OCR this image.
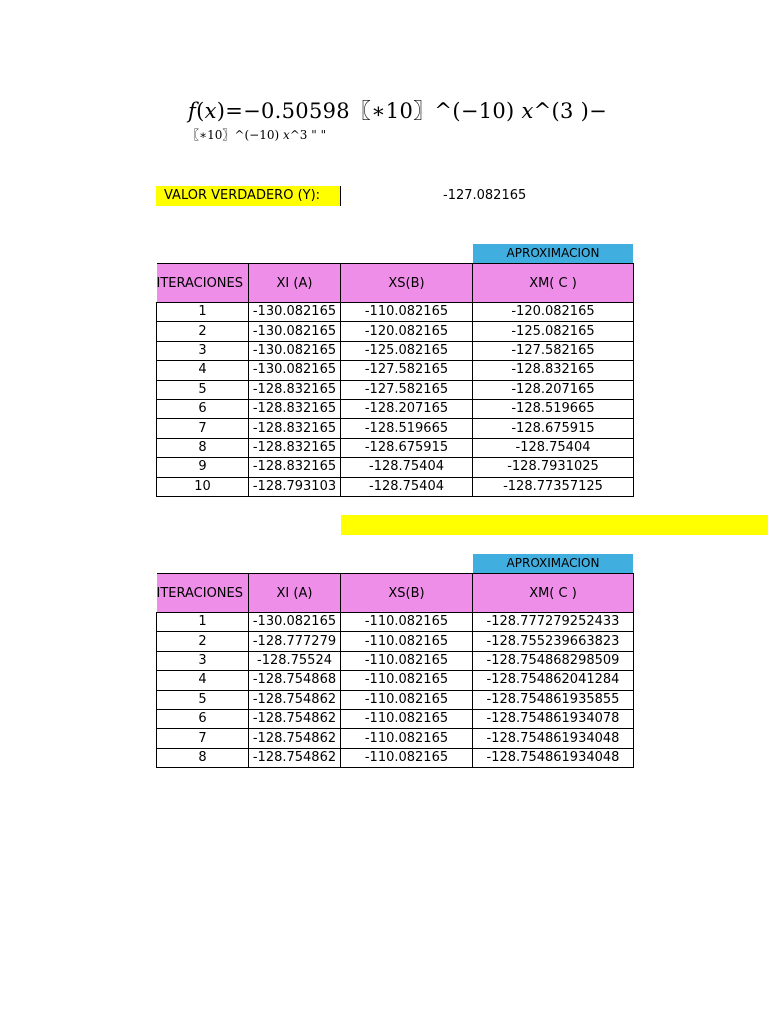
𝑓(𝑥)=−0.50598〖∗10〗^(−10) 𝑥^(3 )−
〖∗10〗^(−10) 𝑥^3 " "
VALOR VERDADERO (Y):	-127.082165
APROXIMACION
ITERACIONES	XI (A)	XS(B)	XM( C )
1	-130.082165	-110.082165	-120.082165
2	-130.082165	-120.082165	-125.082165
3	-130.082165	-125.082165	-127.582165
4	-130.082165	-127.582165	-128.832165
5	-128.832165	-127.582165	-128.207165
6	-128.832165	-128.207165	-128.519665
7	-128.832165	-128.519665	-128.675915
8	-128.832165	-128.675915	-128.75404
9	-128.832165	-128.75404	-128.7931025
10	-128.793103	-128.75404	-128.77357125
APROXIMACION
ITERACIONES	XI (A)	XS(B)	XM( C )
1	-130.082165	-110.082165	-128.777279252433
2	-128.777279	-110.082165	-128.755239663823
3	-128.75524	-110.082165	-128.754868298509
4	-128.754868	-110.082165	-128.754862041284
5	-128.754862	-110.082165	-128.754861935855
6	-128.754862	-110.082165	-128.754861934078
7	-128.754862	-110.082165	-128.754861934048
8	-128.754862	-110.082165	-128.754861934048
